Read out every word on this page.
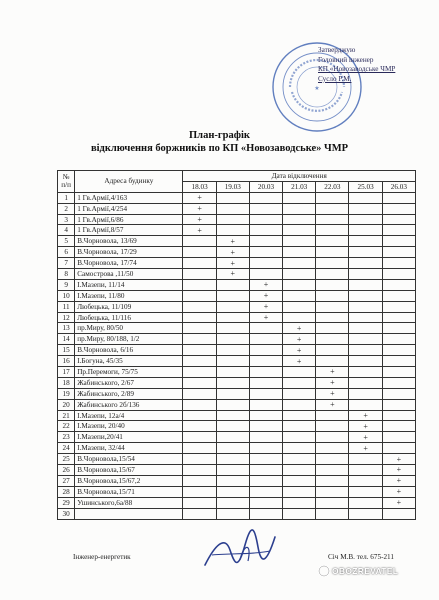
★
Затверджую
Головний інженер
КП «Новозаводське ЧМР
Сусло Р.М.
План-графік
відключення боржників по КП «Новозаводське» ЧМР
№
п/п	Адреса будинку	Дата відключення						
		18.03	19.03	20.03	21.03	22.03	25.03	26.03
1	1 Гв.Армії,4/163	+						
2	1 Гв.Армії,4/254	+						
3	1 Гв.Армії,6/86	+						
4	1 Гв.Армії,8/57	+						
5	В.Чорновола, 13/69		+					
6	В.Чорновола, 17/29		+					
7	В.Чорновола, 17/74		+					
8	Самострова ,11/50		+					
9	І.Мазепи, 11/14			+				
10	І.Мазепи, 11/80			+				
11	Любецька, 11/109			+				
12	Любецька, 11/116			+				
13	пр.Миру, 80/50				+			
14	пр.Миру, 80/188, 1/2				+			
15	В.Чорновола, 6/16				+			
16	І.Богуна, 45/35				+			
17	Пр.Перемоги, 75/75					+		
18	Жабинського, 2/67					+		
19	Жабинського, 2/89					+		
20	Жабинського 2б/136					+		
21	І.Мазепи, 12а/4						+	
22	І.Мазепи, 20/40						+	
23	І.Мазепи,20/41						+	
24	І.Мазепи, 32/44						+	
25	В.Чорновола,15/54							+
26	В.Чорновола,15/67							+
27	В.Чорновола,15/67,2							+
28	В.Чорновола,15/71							+
29	Ушинського,6а/88							+
30								
Інженер-енергетик	Січ М.В. тел. 675-211
OBOZREVATEL
